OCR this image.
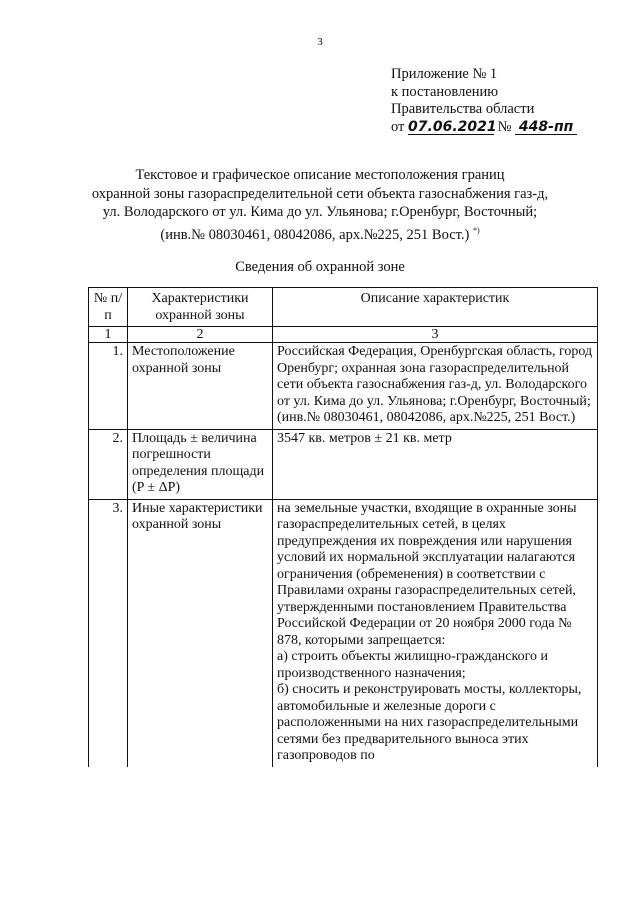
3
Приложение № 1
к постановлению
Правительства области
от 07.06.2021 № 448-пп
Текстовое и графическое описание местоположения границ
охранной зоны газораспределительной сети объекта газоснабжения газ-д,
ул. Володарского от ул. Кима до ул. Ульянова; г.Оренбург, Восточный;
(инв.№ 08030461, 08042086, арх.№225, 251 Вост.) *)
Сведения об охранной зоне
№ п/п	Характеристики охранной зоны	Описание характеристик
1	2	3
1.	Местоположение охранной зоны	Российская Федерация, Оренбургская область, город Оренбург; охранная зона газораспределительной сети объекта газоснабжения газ-д, ул. Володарского от ул. Кима до ул. Ульянова; г.Оренбург, Восточный; (инв.№ 08030461, 08042086, арх.№225, 251 Вост.)
2.	Площадь ± величина погрешности определения площади (P ± ΔP)	3547 кв. метров ± 21 кв. метр
3.	Иные характеристики охранной зоны	на земельные участки, входящие в охранные зоны газораспределительных сетей, в целях предупреждения их повреждения или нарушения условий их нормальной эксплуатации налагаются ограничения (обременения) в соответствии с Правилами охраны газораспределительных сетей, утвержденными постановлением Правительства Российской Федерации от 20 ноября 2000 года № 878, которыми запрещается:
а) строить объекты жилищно-гражданского и производственного назначения;
б) сносить и реконструировать мосты, коллекторы, автомобильные и железные дороги с расположенными на них газораспределительными сетями без предварительного выноса этих газопроводов по
